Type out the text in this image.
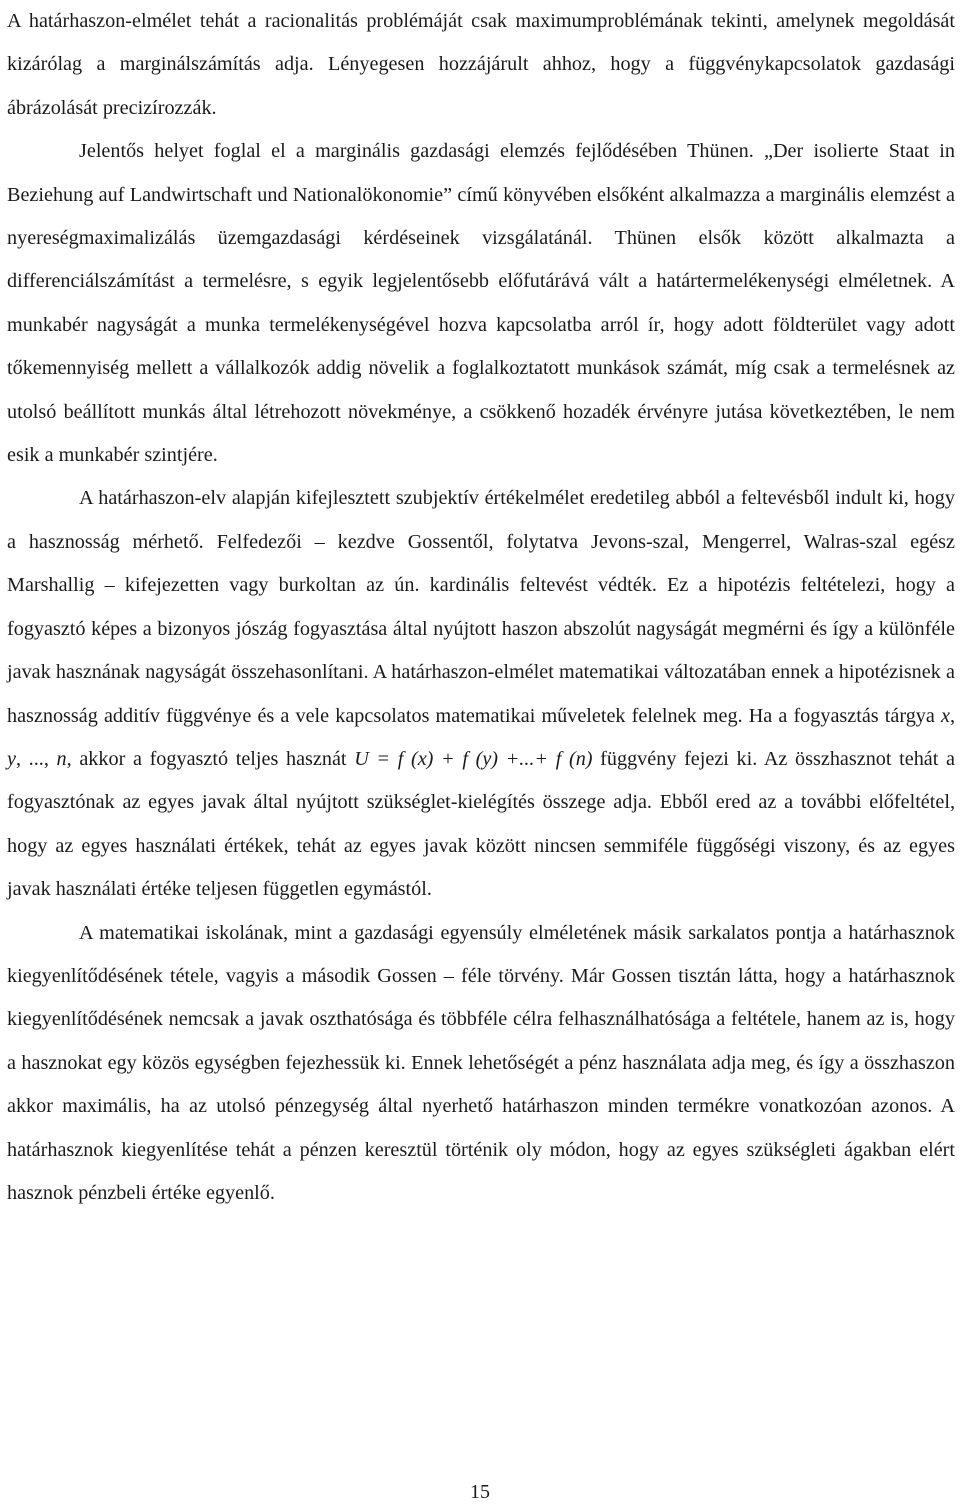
A határhaszon-elmélet tehát a racionalitás problémáját csak maximumproblémának tekinti, amelynek megoldását kizárólag a marginálszámítás adja. Lényegesen hozzájárult ahhoz, hogy a függvénykapcsolatok gazdasági ábrázolását precizírozzák.

Jelentős helyet foglal el a marginális gazdasági elemzés fejlődésében Thünen. „Der isolierte Staat in Beziehung auf Landwirtschaft und Nationalökonomie” című könyvében elsőként alkalmazza a marginális elemzést a nyereségmaximalizálás üzemgazdasági kérdéseinek vizsgálatánál. Thünen elsők között alkalmazta a differenciálszámítást a termelésre, s egyik legjelentősebb előfutárává vált a határtermelékenységi elméletnek. A munkabér nagyságát a munka termelékenységével hozva kapcsolatba arról ír, hogy adott földterület vagy adott tőkemennyiség mellett a vállalkozók addig növelik a foglalkoztatott munkások számát, míg csak a termelésnek az utolsó beállított munkás által létrehozott növekménye, a csökkenő hozadék érvényre jutása következtében, le nem esik a munkabér szintjére.

A határhaszon-elv alapján kifejlesztett szubjektív értékelmélet eredetileg abból a feltevésből indult ki, hogy a hasznosság mérhető. Felfedezői – kezdve Gossentől, folytatva Jevons-szal, Mengerrel, Walras-szal egész Marshallig – kifejezetten vagy burkoltan az ún. kardinális feltevést védték. Ez a hipotézis feltételezi, hogy a fogyasztó képes a bizonyos jószág fogyasztása által nyújtott haszon abszolút nagyságát megmérni és így a különféle javak hasznának nagyságát összehasonlítani. A határhaszon-elmélet matematikai változatában ennek a hipotézisnek a hasznosság additív függvénye és a vele kapcsolatos matematikai műveletek felelnek meg. Ha a fogyasztás tárgya x, y, ..., n, akkor a fogyasztó teljes hasznát U = f (x) + f (y) +...+ f (n) függvény fejezi ki. Az összhasznot tehát a fogyasztónak az egyes javak által nyújtott szükséglet-kielégítés összege adja. Ebből ered az a további előfeltétel, hogy az egyes használati értékek, tehát az egyes javak között nincsen semmiféle függőségi viszony, és az egyes javak használati értéke teljesen független egymástól.

A matematikai iskolának, mint a gazdasági egyensúly elméletének másik sarkalatos pontja a határhasznok kiegyenlítődésének tétele, vagyis a második Gossen – féle törvény. Már Gossen tisztán látta, hogy a határhasznok kiegyenlítődésének nemcsak a javak oszthatósága és többféle célra felhasználhatósága a feltétele, hanem az is, hogy a hasznokat egy közös egységben fejezhessük ki. Ennek lehetőségét a pénz használata adja meg, és így a összhaszon akkor maximális, ha az utolsó pénzegység által nyerhető határhaszon minden termékre vonatkozóan azonos. A határhasznok kiegyenlítése tehát a pénzen keresztül történik oly módon, hogy az egyes szükségleti ágakban elért hasznok pénzbeli értéke egyenlő.

15
